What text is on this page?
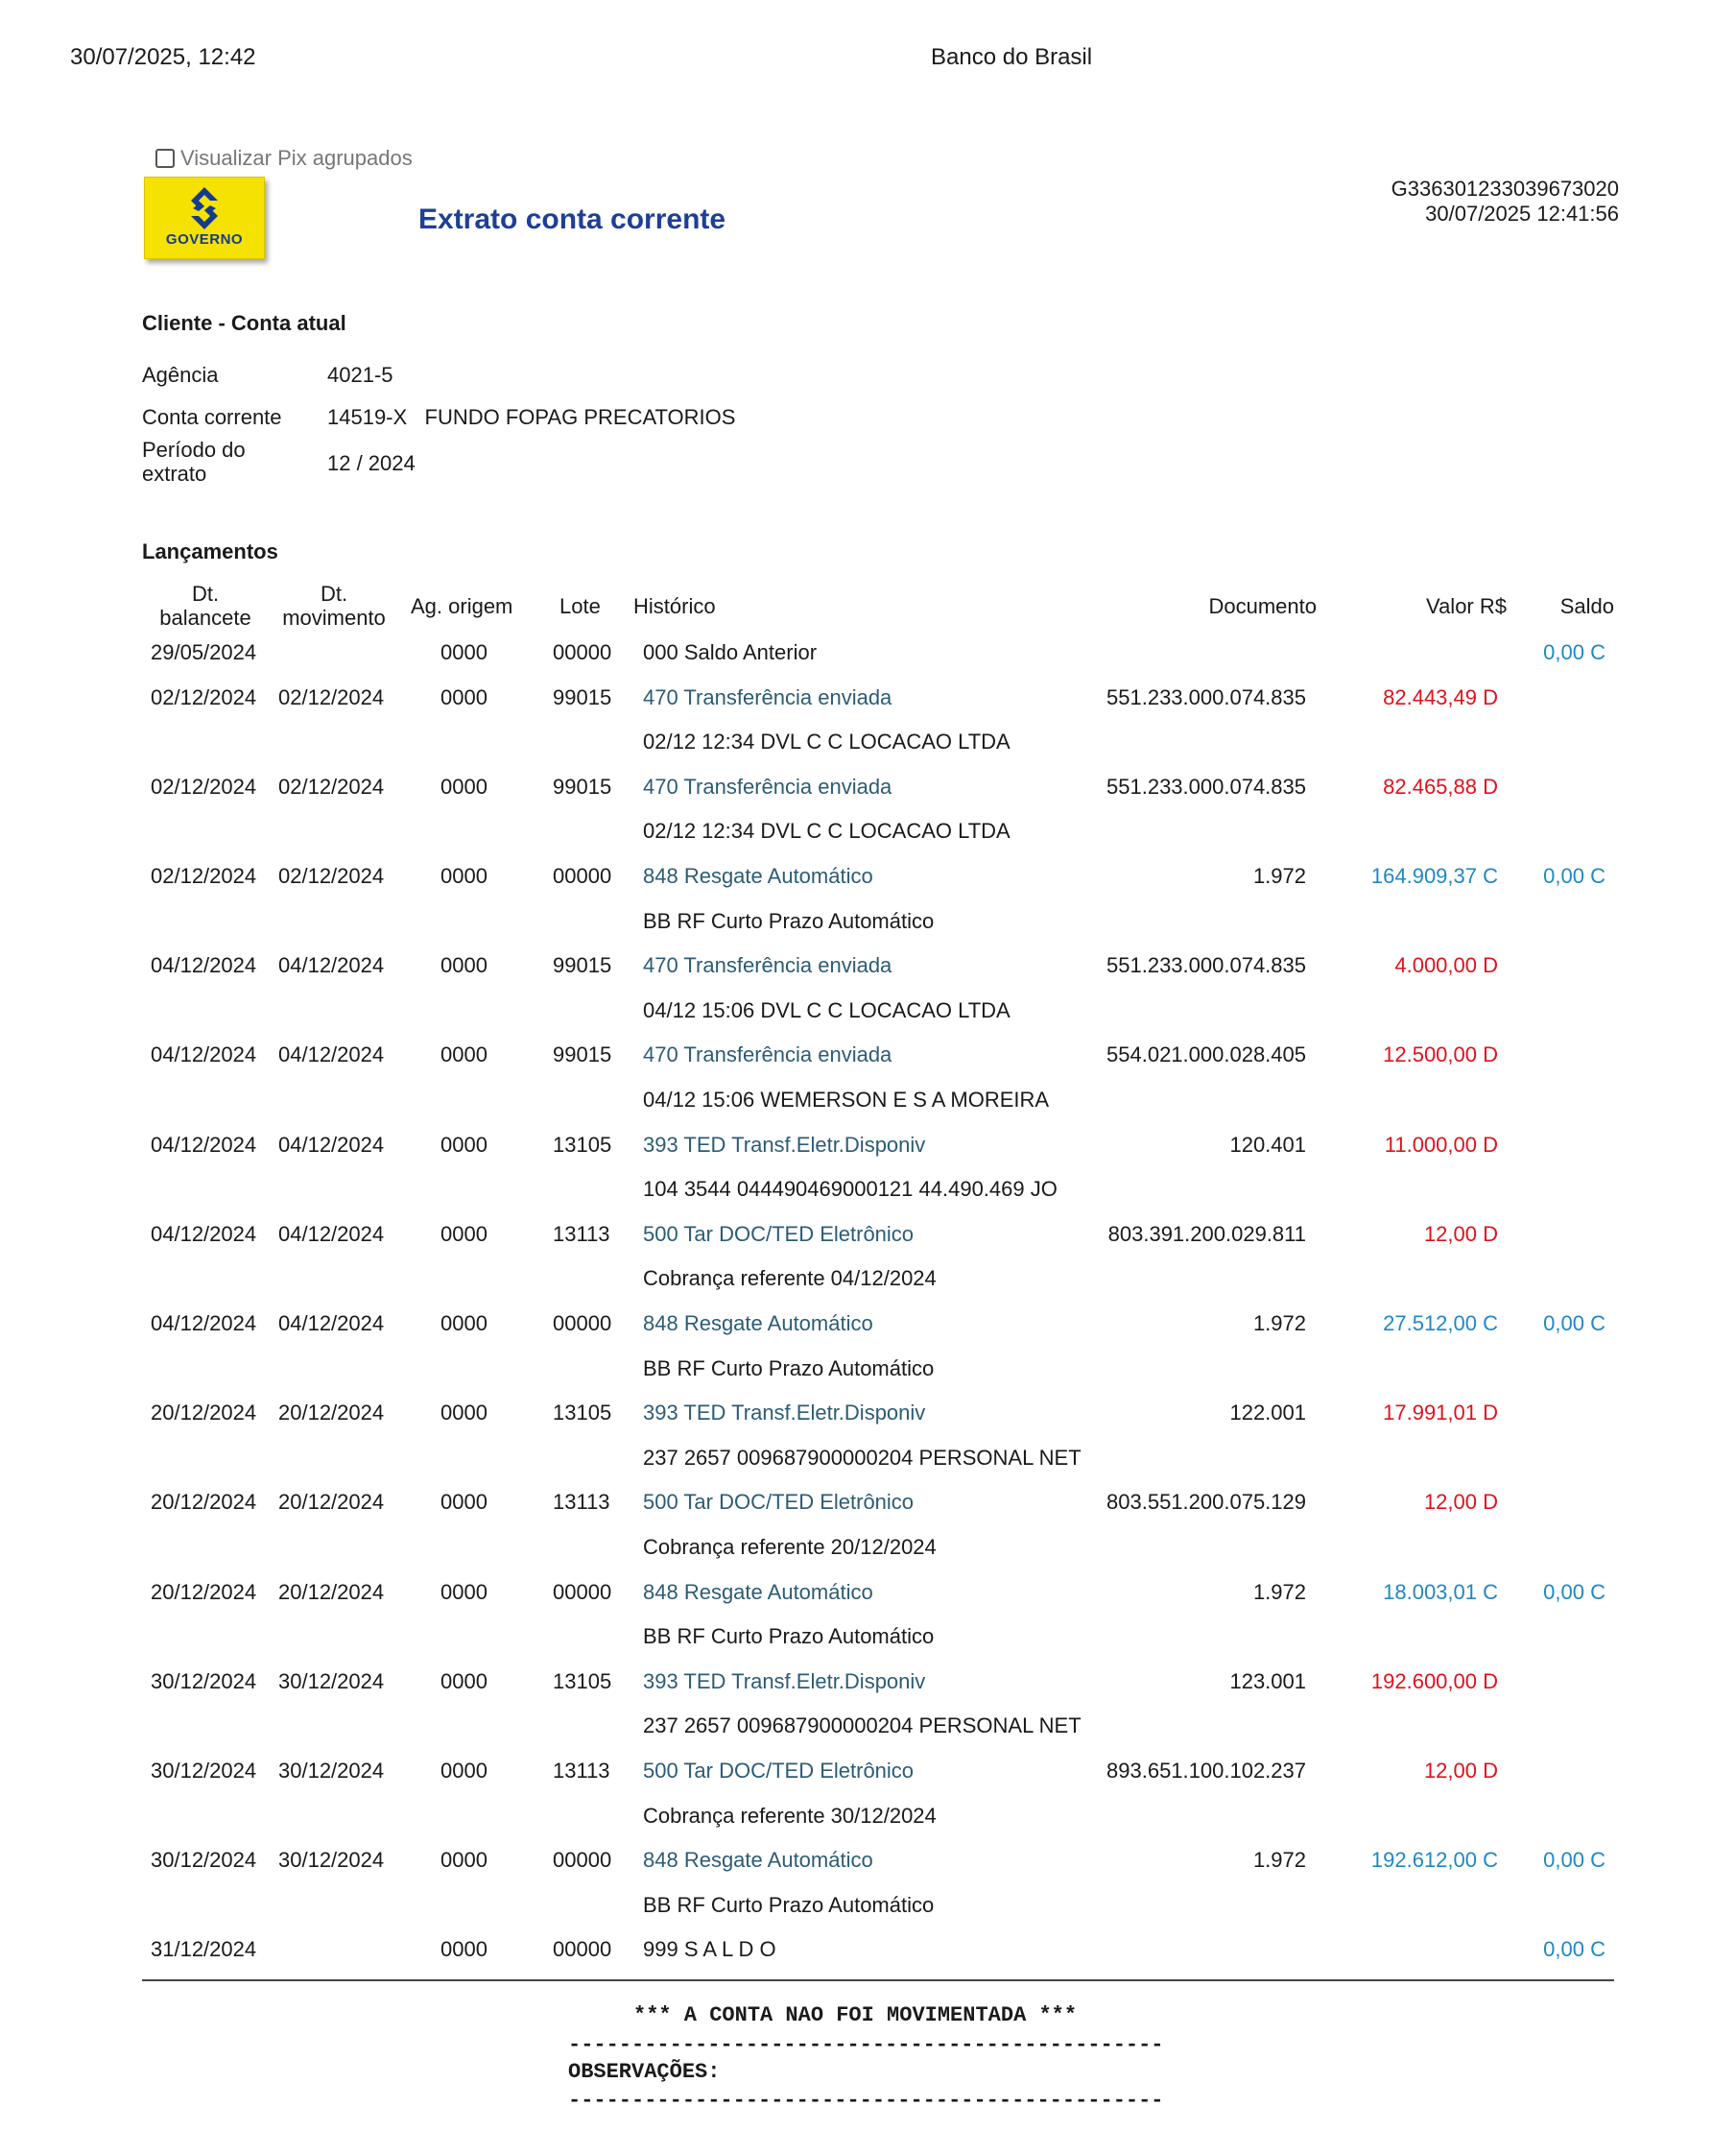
30/07/2025, 12:42	Banco do Brasil
Visualizar Pix agrupados
GOVERNO
Extrato conta corrente
G336301233039673020
30/07/2025 12:41:56
Cliente - Conta atual
Agência	4021-5
Conta corrente 14519-X   FUNDO FOPAG PRECATORIOS
Período do
extrato	12 / 2024
Lançamentos
Dt.
balancete
Dt.
movimento Ag. origem Lote Histórico	Documento	Valor R$	Saldo
29/05/2024	0000	00000 000 Saldo Anterior	0,00 C
02/12/2024 02/12/2024	0000	99015 470 Transferência enviada	551.233.000.074.835	82.443,49 D
02/12 12:34 DVL C C LOCACAO LTDA
02/12/2024 02/12/2024	0000	99015 470 Transferência enviada	551.233.000.074.835	82.465,88 D
02/12 12:34 DVL C C LOCACAO LTDA
02/12/2024 02/12/2024	0000	00000 848 Resgate Automático	1.972	164.909,37 C 0,00 C
BB RF Curto Prazo Automático
04/12/2024 04/12/2024	0000	99015 470 Transferência enviada	551.233.000.074.835	4.000,00 D
04/12 15:06 DVL C C LOCACAO LTDA
04/12/2024 04/12/2024	0000	99015 470 Transferência enviada	554.021.000.028.405	12.500,00 D
04/12 15:06 WEMERSON E S A MOREIRA
04/12/2024 04/12/2024	0000	13105 393 TED Transf.Eletr.Disponiv	120.401	11.000,00 D
104 3544 044490469000121 44.490.469 JO
04/12/2024 04/12/2024	0000	13113 500 Tar DOC/TED Eletrônico	803.391.200.029.811	12,00 D
Cobrança referente 04/12/2024
04/12/2024 04/12/2024	0000	00000 848 Resgate Automático	1.972	27.512,00 C 0,00 C
BB RF Curto Prazo Automático
20/12/2024 20/12/2024	0000	13105 393 TED Transf.Eletr.Disponiv	122.001	17.991,01 D
237 2657 009687900000204 PERSONAL NET
20/12/2024 20/12/2024	0000	13113 500 Tar DOC/TED Eletrônico	803.551.200.075.129	12,00 D
Cobrança referente 20/12/2024
20/12/2024 20/12/2024	0000	00000 848 Resgate Automático	1.972	18.003,01 C 0,00 C
BB RF Curto Prazo Automático
30/12/2024 30/12/2024	0000	13105 393 TED Transf.Eletr.Disponiv	123.001	192.600,00 D
237 2657 009687900000204 PERSONAL NET
30/12/2024 30/12/2024	0000	13113 500 Tar DOC/TED Eletrônico	893.651.100.102.237	12,00 D
Cobrança referente 30/12/2024
30/12/2024 30/12/2024	0000	00000 848 Resgate Automático	1.972	192.612,00 C 0,00 C
BB RF Curto Prazo Automático
31/12/2024	0000	00000 999 S A L D O	0,00 C
*** A CONTA NAO FOI MOVIMENTADA ***
-----------------------------------------------
OBSERVAÇÕES:
-----------------------------------------------
